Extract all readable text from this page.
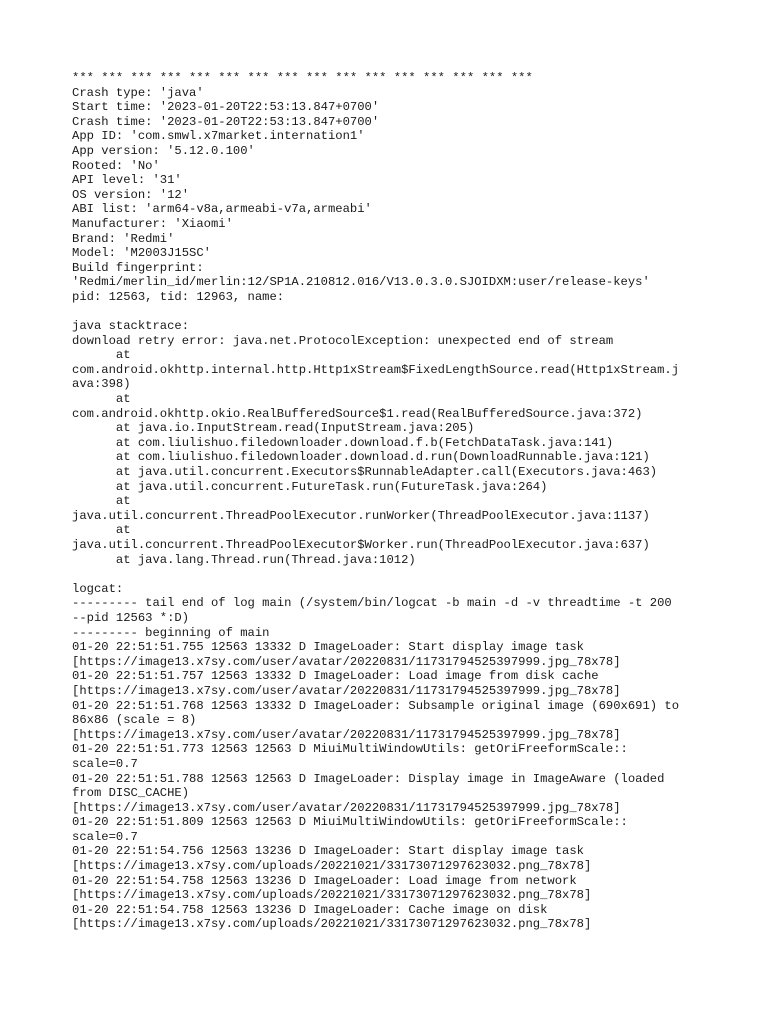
*** *** *** *** *** *** *** *** *** *** *** *** *** *** *** ***
Crash type: 'java'
Start time: '2023-01-20T22:53:13.847+0700'
Crash time: '2023-01-20T22:53:13.847+0700'
App ID: 'com.smwl.x7market.internation1'
App version: '5.12.0.100'
Rooted: 'No'
API level: '31'
OS version: '12'
ABI list: 'arm64-v8a,armeabi-v7a,armeabi'
Manufacturer: 'Xiaomi'
Brand: 'Redmi'
Model: 'M2003J15SC'
Build fingerprint:
'Redmi/merlin_id/merlin:12/SP1A.210812.016/V13.0.3.0.SJOIDXM:user/release-keys'
pid: 12563, tid: 12963, name:
java stacktrace:
download retry error: java.net.ProtocolException: unexpected end of stream
at
com.android.okhttp.internal.http.Http1xStream$FixedLengthSource.read(Http1xStream.j
ava:398)
at
com.android.okhttp.okio.RealBufferedSource$1.read(RealBufferedSource.java:372)
at java.io.InputStream.read(InputStream.java:205)
at com.liulishuo.filedownloader.download.f.b(FetchDataTask.java:141)
at com.liulishuo.filedownloader.download.d.run(DownloadRunnable.java:121)
at java.util.concurrent.Executors$RunnableAdapter.call(Executors.java:463)
at java.util.concurrent.FutureTask.run(FutureTask.java:264)
at
java.util.concurrent.ThreadPoolExecutor.runWorker(ThreadPoolExecutor.java:1137)
at
java.util.concurrent.ThreadPoolExecutor$Worker.run(ThreadPoolExecutor.java:637)
at java.lang.Thread.run(Thread.java:1012)
logcat:
--------- tail end of log main (/system/bin/logcat -b main -d -v threadtime -t 200
--pid 12563 *:D)
--------- beginning of main
01-20 22:51:51.755 12563 13332 D ImageLoader: Start display image task
[https://image13.x7sy.com/user/avatar/20220831/11731794525397999.jpg_78x78]
01-20 22:51:51.757 12563 13332 D ImageLoader: Load image from disk cache
[https://image13.x7sy.com/user/avatar/20220831/11731794525397999.jpg_78x78]
01-20 22:51:51.768 12563 13332 D ImageLoader: Subsample original image (690x691) to
86x86 (scale = 8)
[https://image13.x7sy.com/user/avatar/20220831/11731794525397999.jpg_78x78]
01-20 22:51:51.773 12563 12563 D MiuiMultiWindowUtils: getOriFreeformScale::
scale=0.7
01-20 22:51:51.788 12563 12563 D ImageLoader: Display image in ImageAware (loaded
from DISC_CACHE)
[https://image13.x7sy.com/user/avatar/20220831/11731794525397999.jpg_78x78]
01-20 22:51:51.809 12563 12563 D MiuiMultiWindowUtils: getOriFreeformScale::
scale=0.7
01-20 22:51:54.756 12563 13236 D ImageLoader: Start display image task
[https://image13.x7sy.com/uploads/20221021/33173071297623032.png_78x78]
01-20 22:51:54.758 12563 13236 D ImageLoader: Load image from network
[https://image13.x7sy.com/uploads/20221021/33173071297623032.png_78x78]
01-20 22:51:54.758 12563 13236 D ImageLoader: Cache image on disk
[https://image13.x7sy.com/uploads/20221021/33173071297623032.png_78x78]
